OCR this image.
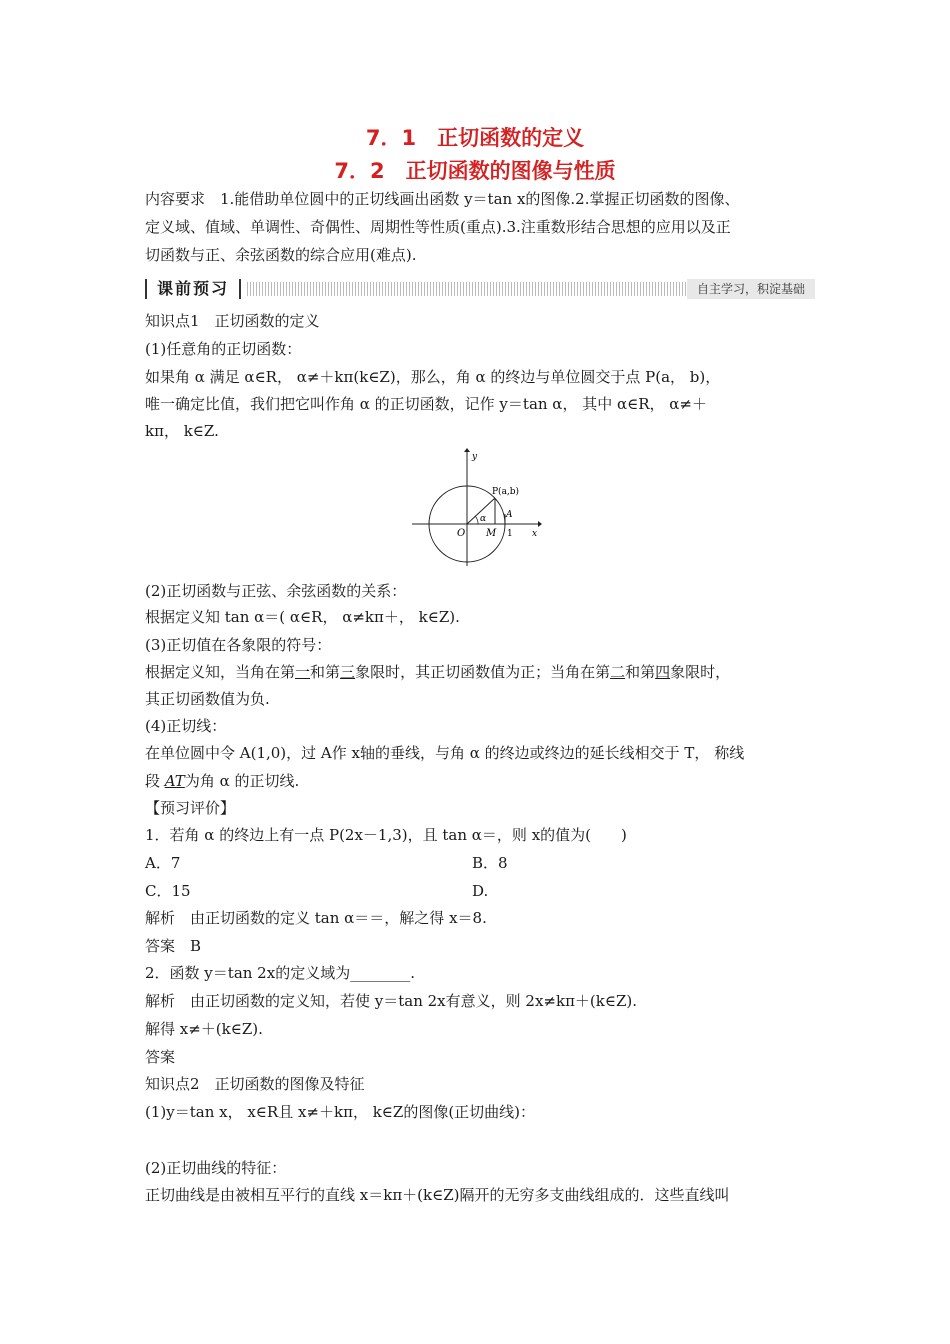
7．1　正切函数的定义
7．2　正切函数的图像与性质
内容要求　1.能借助单位圆中的正切线画出函数 y＝tan x的图像.2.掌握正切函数的图像、
定义域、值域、单调性、奇偶性、周期性等性质(重点).3.注重数形结合思想的应用以及正
切函数与正、余弦函数的综合应用(难点).
课前预习	自主学习，积淀基础
知识点1　正切函数的定义
(1)任意角的正切函数：
如果角 α 满足 α∈R， α≠＋kπ(k∈Z)，那么，角 α 的终边与单位圆交于点 P(a， b)，
唯一确定比值，我们把它叫作角 α 的正切函数，记作 y＝tan α， 其中 α∈R， α≠＋
kπ， k∈Z.
y
x
P(a,b)
α A
O M 1
(2)正切函数与正弦、余弦函数的关系：
根据定义知 tan α＝( α∈R， α≠kπ＋， k∈Z).
(3)正切值在各象限的符号：
根据定义知，当角在第一和第三象限时，其正切函数值为正；当角在第二和第四象限时，
其正切函数值为负.
(4)正切线：
在单位圆中令 A(1,0)，过 A作 x轴的垂线，与角 α 的终边或终边的延长线相交于 T， 称线
段 AT为角 α 的正切线.
【预习评价】
1．若角 α 的终边上有一点 P(2x－1,3)，且 tan α＝，则 x的值为(　　)
A．7	B．8
C．15	D.
解析　由正切函数的定义 tan α＝＝，解之得 x＝8.
答案　B
2．函数 y＝tan 2x的定义域为________.
解析　由正切函数的定义知，若使 y＝tan 2x有意义，则 2x≠kπ＋(k∈Z).
解得 x≠＋(k∈Z).
答案
知识点2　正切函数的图像及特征
(1)y＝tan x， x∈R且 x≠＋kπ， k∈Z的图像(正切曲线)：
(2)正切曲线的特征：
正切曲线是由被相互平行的直线 x＝kπ＋(k∈Z)隔开的无穷多支曲线组成的．这些直线叫
